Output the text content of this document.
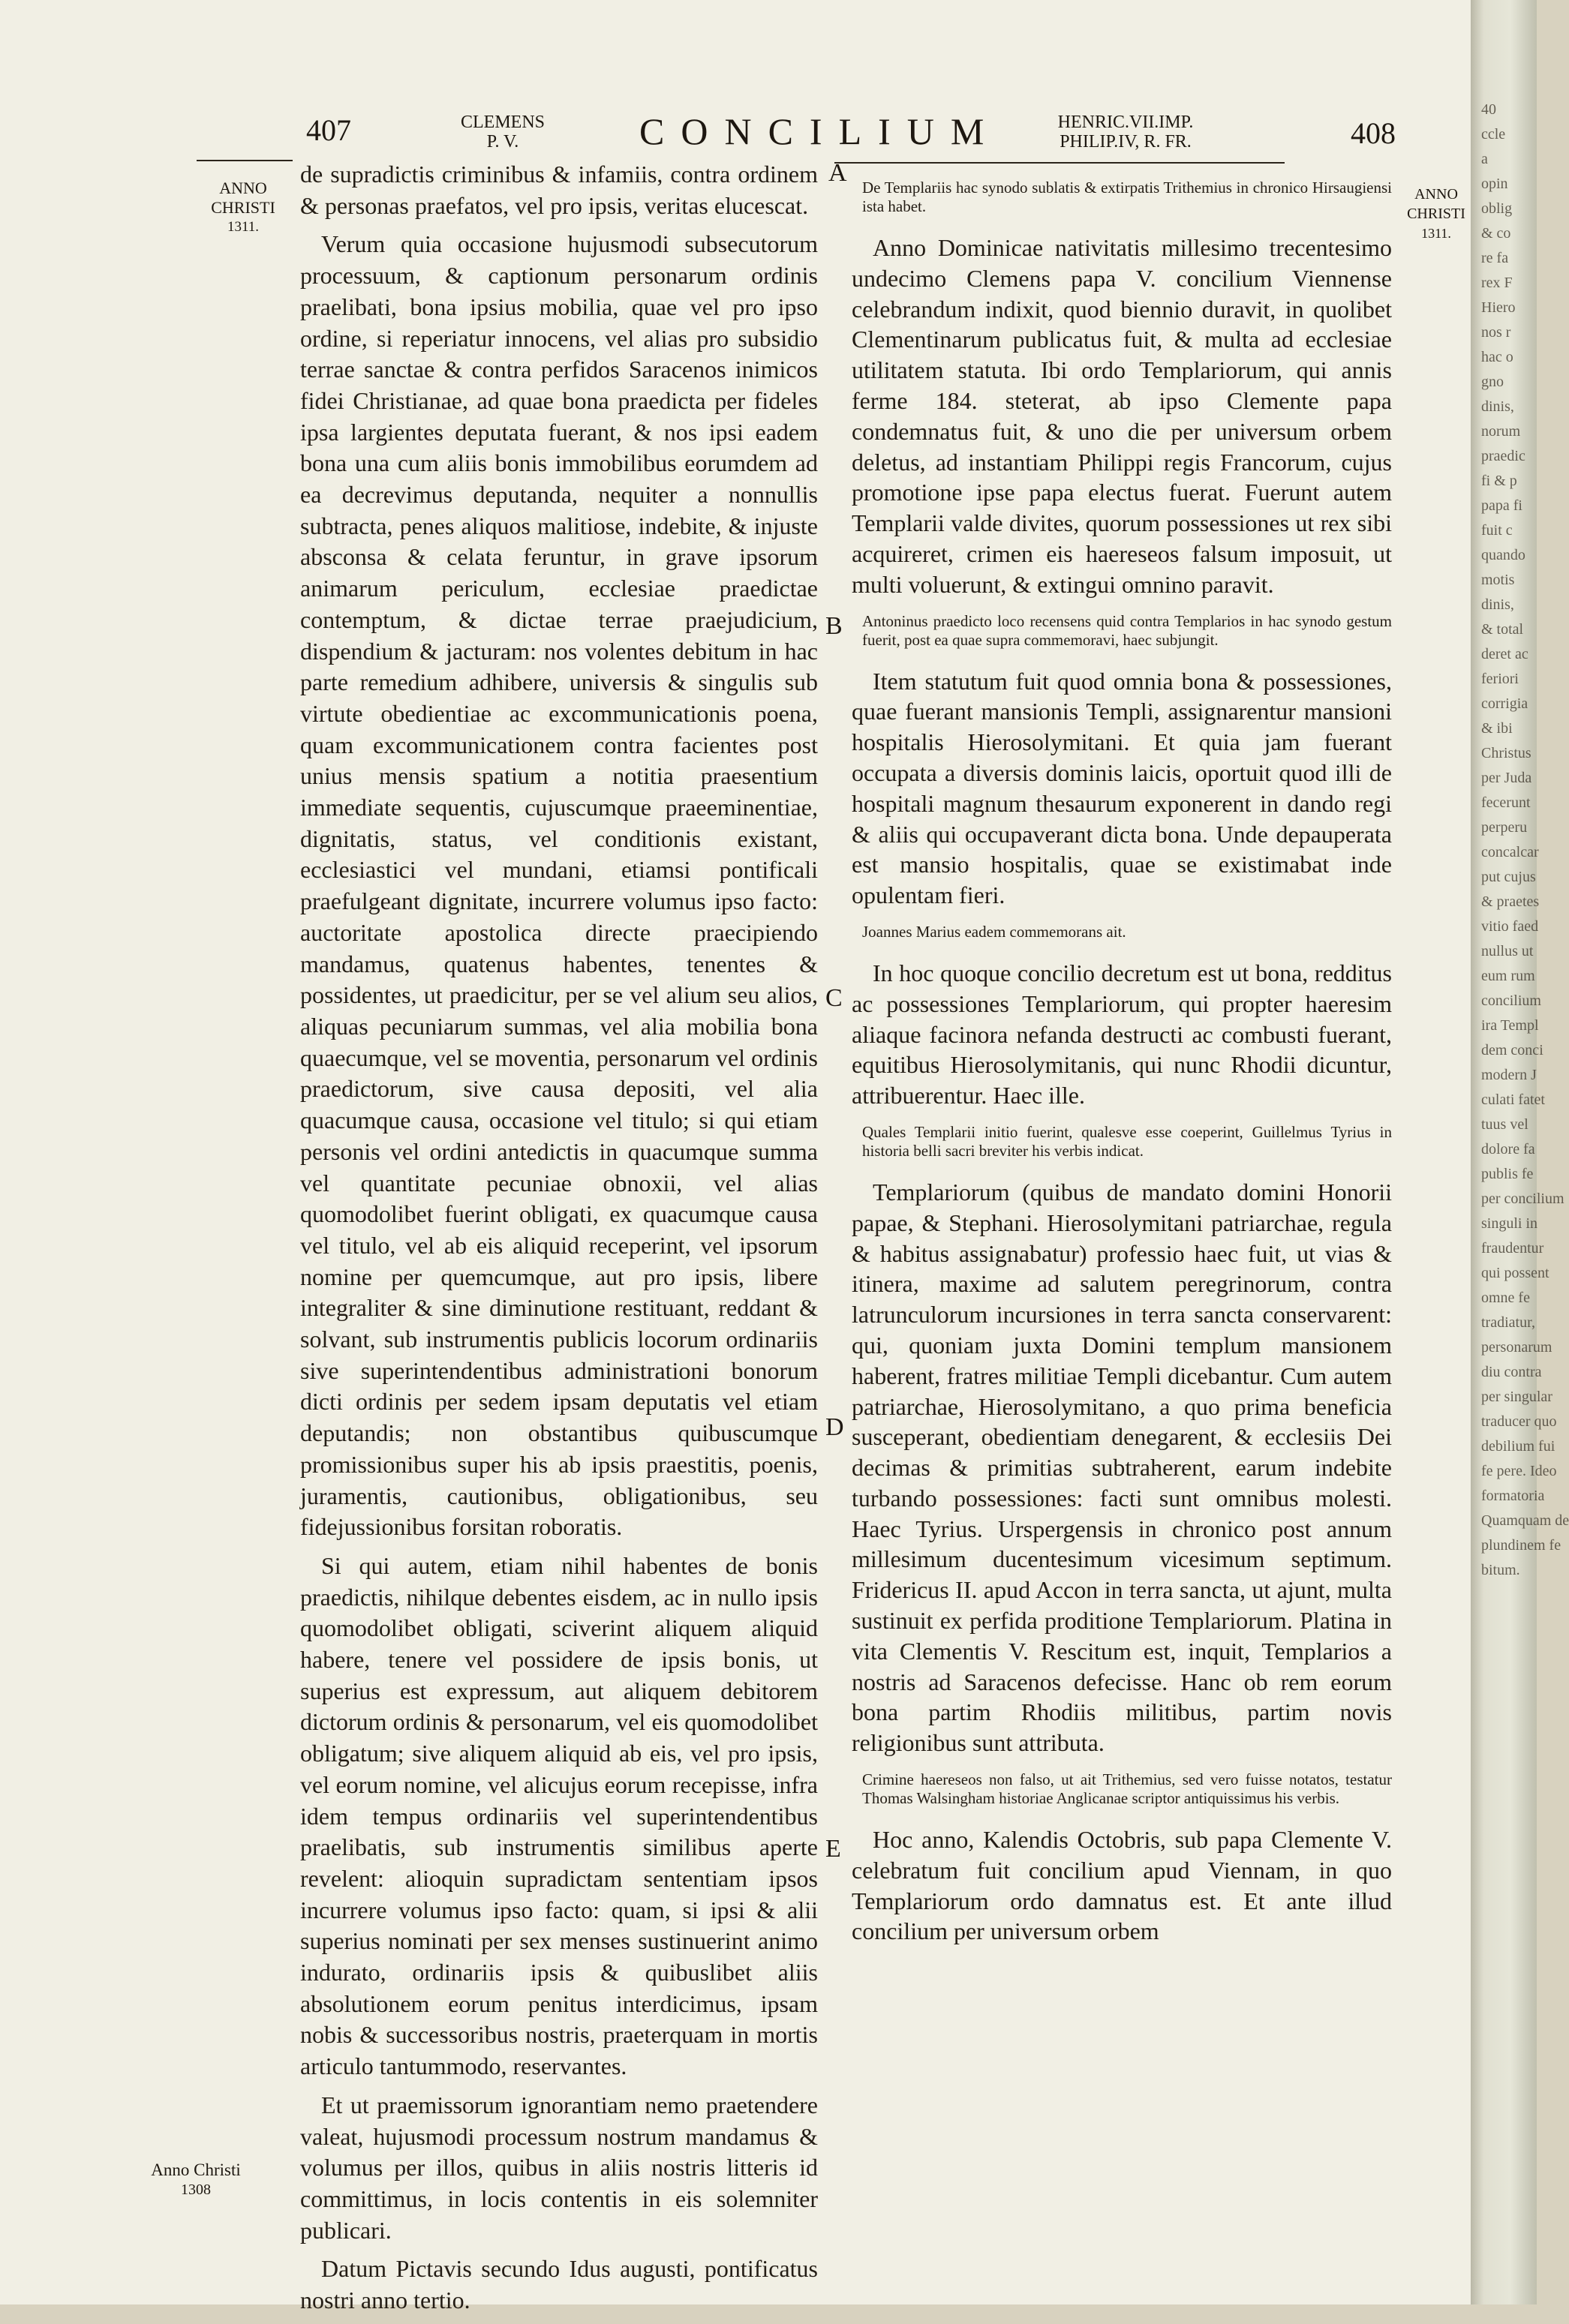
407	CLEMENS
P. V.	CONCILIUM	HENRIC.VII.IMP.
PHILIP.IV, R. FR.	408
ANNO
CHRISTI
1311.
ANNO
CHRISTI
1311.
Anno Christi
1308
A
B
C
D
E

de supradictis criminibus & infamiis, contra ordinem & personas praefatos, vel pro ipsis, veritas elucescat.

Verum quia occasione hujusmodi subsecutorum processuum, & captionum personarum ordinis praelibati, bona ipsius mobilia, quae vel pro ipso ordine, si reperiatur innocens, vel alias pro subsidio terrae sanctae & contra perfidos Saracenos inimicos fidei Christianae, ad quae bona praedicta per fideles ipsa largientes deputata fuerant, & nos ipsi eadem bona una cum aliis bonis immobilibus eorumdem ad ea decrevimus deputanda, nequiter a nonnullis subtracta, penes aliquos malitiose, indebite, & injuste absconsa & celata feruntur, in grave ipsorum animarum periculum, ecclesiae praedictae contemptum, & dictae terrae praejudicium, dispendium & jacturam: nos volentes debitum in hac parte remedium adhibere, universis & singulis sub virtute obedientiae ac excommunicationis poena, quam excommunicationem contra facientes post unius mensis spatium a notitia praesentium immediate sequentis, cujuscumque praeeminentiae, dignitatis, status, vel conditionis existant, ecclesiastici vel mundani, etiamsi pontificali praefulgeant dignitate, incurrere volumus ipso facto: auctoritate apostolica directe praecipiendo mandamus, quatenus habentes, tenentes & possidentes, ut praedicitur, per se vel alium seu alios, aliquas pecuniarum summas, vel alia mobilia bona quaecumque, vel se moventia, personarum vel ordinis praedictorum, sive causa depositi, vel alia quacumque causa, occasione vel titulo; si qui etiam personis vel ordini antedictis in quacumque summa vel quantitate pecuniae obnoxii, vel alias quomodolibet fuerint obligati, ex quacumque causa vel titulo, vel ab eis aliquid receperint, vel ipsorum nomine per quemcumque, aut pro ipsis, libere integraliter & sine diminutione restituant, reddant & solvant, sub instrumentis publicis locorum ordinariis sive superintendentibus administrationi bonorum dicti ordinis per sedem ipsam deputatis vel etiam deputandis; non obstantibus quibuscumque promissionibus super his ab ipsis praestitis, poenis, juramentis, cautionibus, obligationibus, seu fidejussionibus forsitan roboratis.

Si qui autem, etiam nihil habentes de bonis praedictis, nihilque debentes eisdem, ac in nullo ipsis quomodolibet obligati, sciverint aliquem aliquid habere, tenere vel possidere de ipsis bonis, ut superius est expressum, aut aliquem debitorem dictorum ordinis & personarum, vel eis quomodolibet obligatum; sive aliquem aliquid ab eis, vel pro ipsis, vel eorum nomine, vel alicujus eorum recepisse, infra idem tempus ordinariis vel superintendentibus praelibatis, sub instrumentis similibus aperte revelent: alioquin supradictam sententiam ipsos incurrere volumus ipso facto: quam, si ipsi & alii superius nominati per sex menses sustinuerint animo indurato, ordinariis ipsis & quibuslibet aliis absolutionem eorum penitus interdicimus, ipsam nobis & successoribus nostris, praeterquam in mortis articulo tantummodo, reservantes.

Et ut praemissorum ignorantiam nemo praetendere valeat, hujusmodi processum nostrum mandamus & volumus per illos, quibus in aliis nostris litteris id committimus, in locis contentis in eis solemniter publicari.

Datum Pictavis secundo Idus augusti, pontificatus nostri anno tertio.

De Templariis hac synodo sublatis & extirpatis Trithemius in chronico Hirsaugiensi ista habet.

Anno Dominicae nativitatis millesimo trecentesimo undecimo Clemens papa V. concilium Viennense celebrandum indixit, quod biennio duravit, in quolibet Clementinarum publicatus fuit, & multa ad ecclesiae utilitatem statuta. Ibi ordo Templariorum, qui annis ferme 184. steterat, ab ipso Clemente papa condemnatus fuit, & uno die per universum orbem deletus, ad instantiam Philippi regis Francorum, cujus promotione ipse papa electus fuerat. Fuerunt autem Templarii valde divites, quorum possessiones ut rex sibi acquireret, crimen eis haereseos falsum imposuit, ut multi voluerunt, & extingui omnino paravit.

Antoninus praedicto loco recensens quid contra Templarios in hac synodo gestum fuerit, post ea quae supra commemoravi, haec subjungit.

Item statutum fuit quod omnia bona & possessiones, quae fuerant mansionis Templi, assignarentur mansioni hospitalis Hierosolymitani. Et quia jam fuerant occupata a diversis dominis laicis, oportuit quod illi de hospitali magnum thesaurum exponerent in dando regi & aliis qui occupaverant dicta bona. Unde depauperata est mansio hospitalis, quae se existimabat inde opulentam fieri.

Joannes Marius eadem commemorans ait.

In hoc quoque concilio decretum est ut bona, redditus ac possessiones Templariorum, qui propter haeresim aliaque facinora nefanda destructi ac combusti fuerant, equitibus Hierosolymitanis, qui nunc Rhodii dicuntur, attribuerentur. Haec ille.

Quales Templarii initio fuerint, qualesve esse coeperint, Guillelmus Tyrius in historia belli sacri breviter his verbis indicat.

Templariorum (quibus de mandato domini Honorii papae, & Stephani. Hierosolymitani patriarchae, regula & habitus assignabatur) professio haec fuit, ut vias & itinera, maxime ad salutem peregrinorum, contra latrunculorum incursiones in terra sancta conservarent: qui, quoniam juxta Domini templum mansionem haberent, fratres militiae Templi dicebantur. Cum autem patriarchae, Hierosolymitano, a quo prima beneficia susceperant, obedientiam denegarent, & ecclesiis Dei decimas & primitias subtraherent, earum indebite turbando possessiones: facti sunt omnibus molesti. Haec Tyrius. Urspergensis in chronico post annum millesimum ducentesimum vicesimum septimum. Fridericus II. apud Accon in terra sancta, ut ajunt, multa sustinuit ex perfida proditione Templariorum. Platina in vita Clementis V. Rescitum est, inquit, Templarios a nostris ad Saracenos defecisse. Hanc ob rem eorum bona partim Rhodiis militibus, partim novis religionibus sunt attributa.

Crimine haereseos non falso, ut ait Trithemius, sed vero fuisse notatos, testatur Thomas Walsingham historiae Anglicanae scriptor antiquissimus his verbis.

Hoc anno, Kalendis Octobris, sub papa Clemente V. celebratum fuit concilium apud Viennam, in quo Templariorum ordo damnatus est. Et ante illud concilium per universum orbem

40
ccle
a
opin
oblig
& co
re fa
rex F
Hiero
nos r
hac o
gno
dinis,
norum
praedic
fi & p
papa fi
fuit c
quando
motis
dinis,
& total
deret ac
feriori
corrigia
& ibi
Christus
per Juda
fecerunt
perperu
concalcar
put cujus
& praetes
vitio faed
nullus ut
eum rum
concilium
ira Templ
dem conci
modern J
culati fatet
tuus vel
dolore fa
publis fe
per concilium
singuli in
fraudentur
qui possent
omne fe
tradiatur,
personarum
diu contra
per singular
traducer quo
debilium fui
fe pere. Ideo
formatoria
Quamquam de
plundinem fe
bitum.
